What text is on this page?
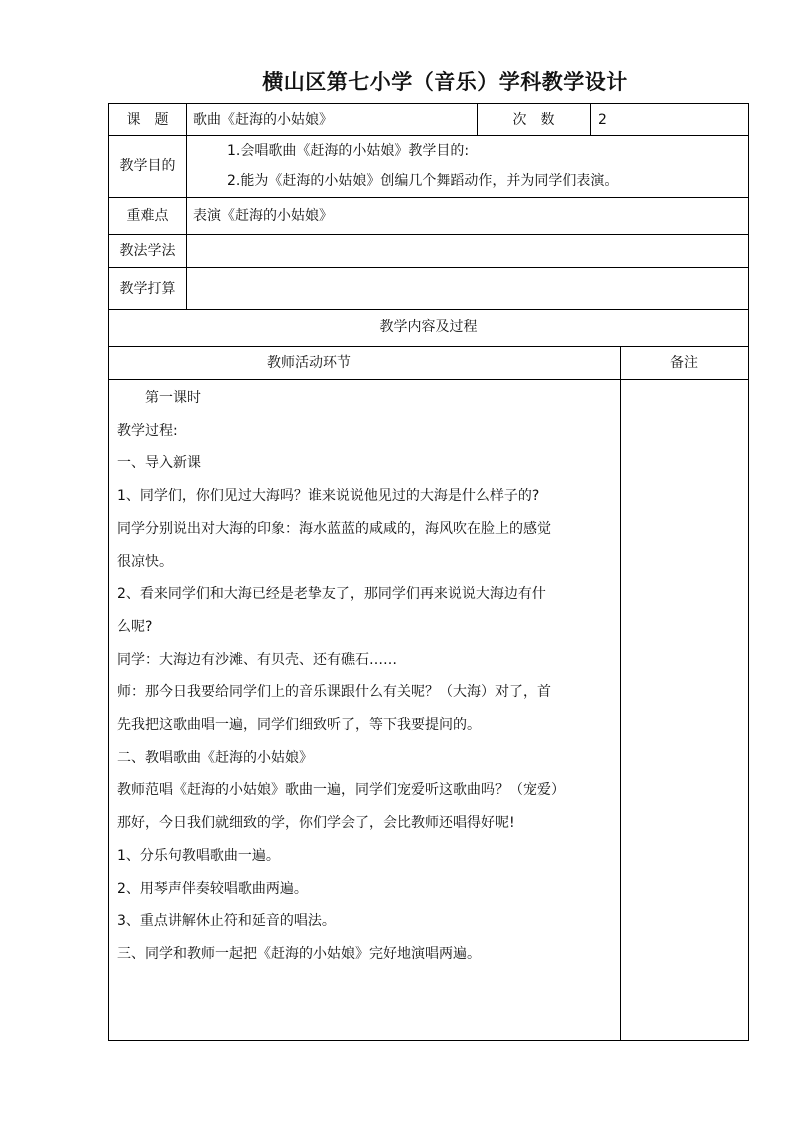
横山区第七小学（音乐）学科教学设计
课　题	歌曲《赶海的小姑娘》	次　数	2
教学目的
1.会唱歌曲《赶海的小姑娘》教学目的:
2.能为《赶海的小姑娘》创编几个舞蹈动作，并为同学们表演。
重难点	表演《赶海的小姑娘》
教法学法
教学打算
教学内容及过程
教师活动环节	备注
　　第一课时
教学过程:
一、导入新课
1、同学们，你们见过大海吗？谁来说说他见过的大海是什么样子的?
同学分别说出对大海的印象：海水蓝蓝的咸咸的，海风吹在脸上的感觉
很凉快。
2、看来同学们和大海已经是老挚友了，那同学们再来说说大海边有什
么呢?
同学：大海边有沙滩、有贝壳、还有礁石……
师：那今日我要给同学们上的音乐课跟什么有关呢？（大海）对了，首
先我把这歌曲唱一遍，同学们细致听了，等下我要提问的。
二、教唱歌曲《赶海的小姑娘》
教师范唱《赶海的小姑娘》歌曲一遍，同学们宠爱听这歌曲吗？（宠爱）
那好，今日我们就细致的学，你们学会了，会比教师还唱得好呢!
1、分乐句教唱歌曲一遍。
2、用琴声伴奏较唱歌曲两遍。
3、重点讲解休止符和延音的唱法。
三、同学和教师一起把《赶海的小姑娘》完好地演唱两遍。
